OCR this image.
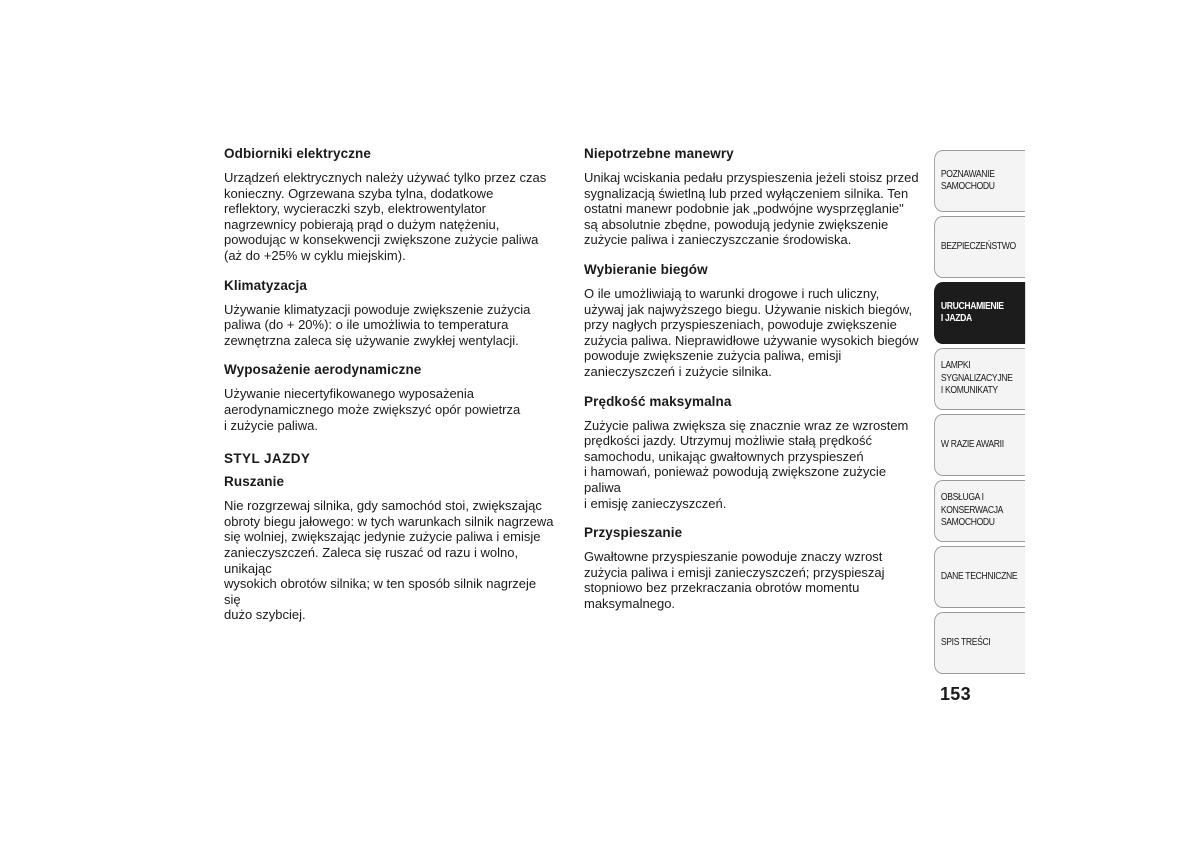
Odbiorniki elektryczne
Urządzeń elektrycznych należy używać tylko przez czas
konieczny. Ogrzewana szyba tylna, dodatkowe
reflektory, wycieraczki szyb, elektrowentylator
nagrzewnicy pobierają prąd o dużym natężeniu,
powodując w konsekwencji zwiększone zużycie paliwa
(aż do +25% w cyklu miejskim).
Klimatyzacja
Używanie klimatyzacji powoduje zwiększenie zużycia
paliwa (do + 20%): o ile umożliwia to temperatura
zewnętrzna zaleca się używanie zwykłej wentylacji.
Wyposażenie aerodynamiczne
Używanie niecertyfikowanego wyposażenia
aerodynamicznego może zwiększyć opór powietrza
i zużycie paliwa.
STYL JAZDY
Ruszanie
Nie rozgrzewaj silnika, gdy samochód stoi, zwiększając
obroty biegu jałowego: w tych warunkach silnik nagrzewa
się wolniej, zwiększając jedynie zużycie paliwa i emisje
zanieczyszczeń. Zaleca się ruszać od razu i wolno, unikając
wysokich obrotów silnika; w ten sposób silnik nagrzeje się
dużo szybciej.
Niepotrzebne manewry
Unikaj wciskania pedału przyspieszenia jeżeli stoisz przed
sygnalizacją świetlną lub przed wyłączeniem silnika. Ten
ostatni manewr podobnie jak „podwójne wysprzęglanie"
są absolutnie zbędne, powodują jedynie zwiększenie
zużycie paliwa i zanieczyszczanie środowiska.
Wybieranie biegów
O ile umożliwiają to warunki drogowe i ruch uliczny,
używaj jak najwyższego biegu. Używanie niskich biegów,
przy nagłych przyspieszeniach, powoduje zwiększenie
zużycia paliwa. Nieprawidłowe używanie wysokich biegów
powoduje zwiększenie zużycia paliwa, emisji
zanieczyszczeń i zużycie silnika.
Prędkość maksymalna
Zużycie paliwa zwiększa się znacznie wraz ze wzrostem
prędkości jazdy. Utrzymuj możliwie stałą prędkość
samochodu, unikając gwałtownych przyspieszeń
i hamowań, ponieważ powodują zwiększone zużycie paliwa
i emisję zanieczyszczeń.
Przyspieszanie
Gwałtowne przyspieszanie powoduje znaczy wzrost
zużycia paliwa i emisji zanieczyszczeń; przyspieszaj
stopniowo bez przekraczania obrotów momentu
maksymalnego.
POZNAWANIE
SAMOCHODU
BEZPIECZEŃSTWO
URUCHAMIENIE
I JAZDA
LAMPKI
SYGNALIZACYJNE
I KOMUNIKATY
W RAZIE AWARII
OBSŁUGA I
KONSERWACJA
SAMOCHODU
DANE TECHNICZNE
SPIS TREŚCI
153
